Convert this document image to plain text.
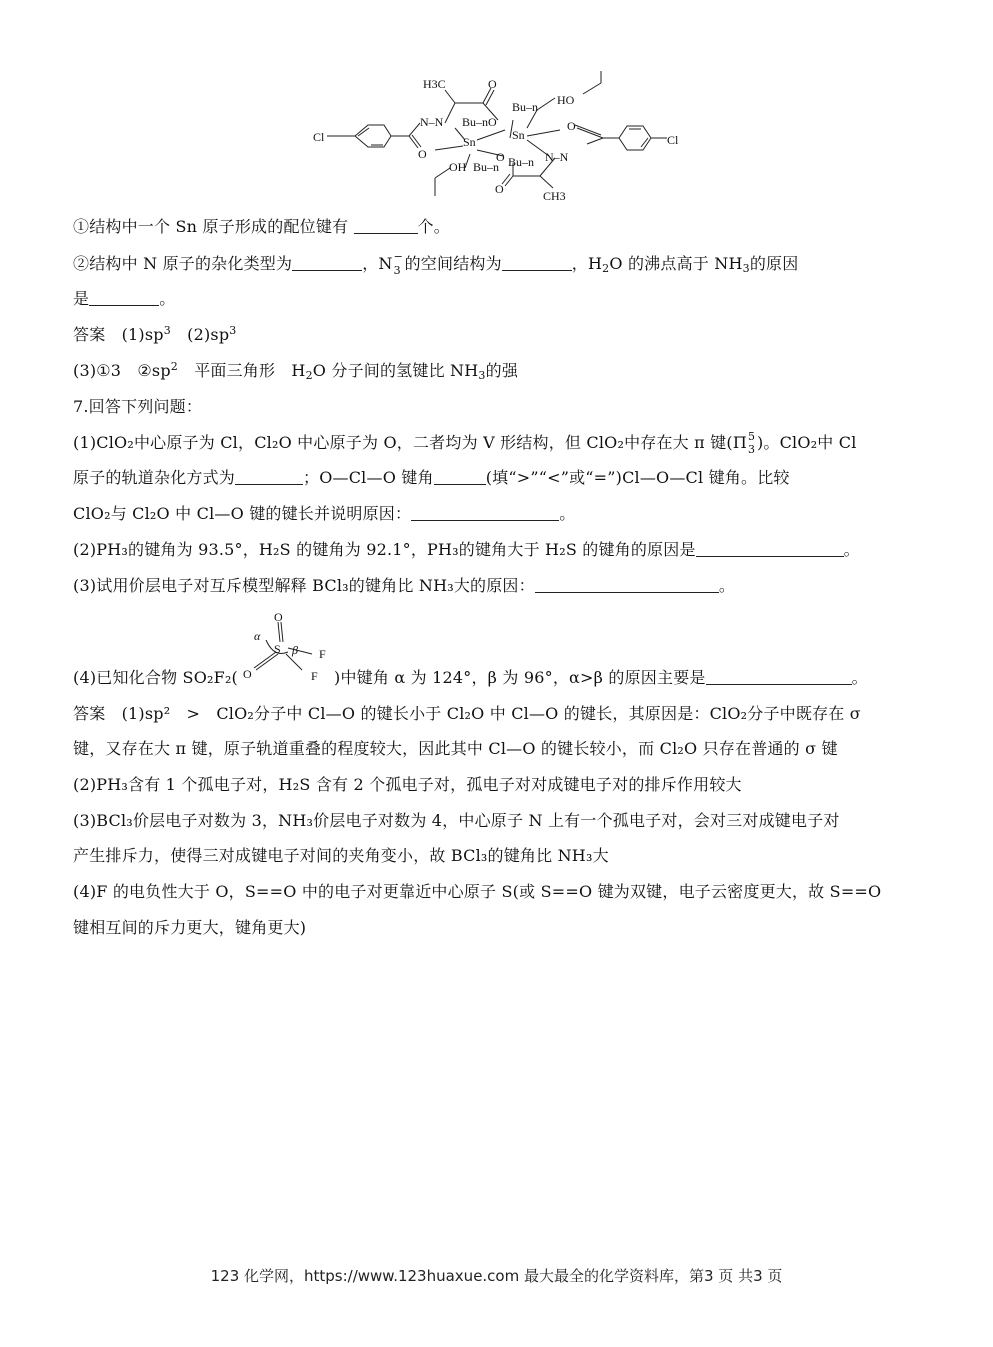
H3C	O
Bu–n HO
Cl
N–N Bu–nO
Sn	Sn
O
OH
O
Bu–n Bu–n N–N
O
Cl
O	CH3
①结构中一个 Sn 原子形成的配位键有	个。
②结构中 N 原子的杂化类型为	，N −
3 的空间结构为	，$H_2O$ 的沸点高于 $NH_3$的原因
是	。
答案　 $(1)sp^3$　 $(2)sp^3$
(3)①3　$②sp^2$　平面三角形　$H_2O$ 分子间的氢键比 $NH_3$的强
7.回答下列问题：
(1)ClO₂中心原子为 Cl，Cl₂O 中心原子为 O，二者均为 V 形结构，但 ClO₂中存在大 π 键(Π 5
3 )。ClO₂中 Cl
原子的轨道杂化方式为	；O—Cl—O 键角	(填“>”“<”或“=”)Cl—O—Cl 键角。比较
ClO₂与 Cl₂O 中 Cl—O 键的键长并说明原因：	。
(2)PH₃的键角为 93.5°，H₂S 的键角为 92.1°，PH₃的键角大于 H₂S 的键角的原因是	。
(3)试用价层电子对互斥模型解释 BCl₃的键角比 NH₃大的原因：	。
O
α
S β F
O	F
(4)已知化合物 SO₂F₂(	)中键角 α 为 124°，β 为 96°，α>β 的原因主要是	。
答案　(1)sp²　>　ClO₂分子中 Cl—O 的键长小于 Cl₂O 中 Cl—O 的键长，其原因是：ClO₂分子中既存在 σ
键，又存在大 π 键，原子轨道重叠的程度较大，因此其中 Cl—O 的键长较小，而 Cl₂O 只存在普通的 σ 键
(2)PH₃含有 1 个孤电子对，H₂S 含有 2 个孤电子对，孤电子对对成键电子对的排斥作用较大
(3)BCl₃价层电子对数为 3，NH₃价层电子对数为 4，中心原子 N 上有一个孤电子对，会对三对成键电子对
产生排斥力，使得三对成键电子对间的夹角变小，故 BCl₃的键角比 NH₃大
(4)F 的电负性大于 O，S==O 中的电子对更靠近中心原子 S(或 S==O 键为双键，电子云密度更大，故 S==O
键相互间的斥力更大，键角更大)
123 化学网，https://www.123huaxue.com 最大最全的化学资料库，第3 页 共3 页
